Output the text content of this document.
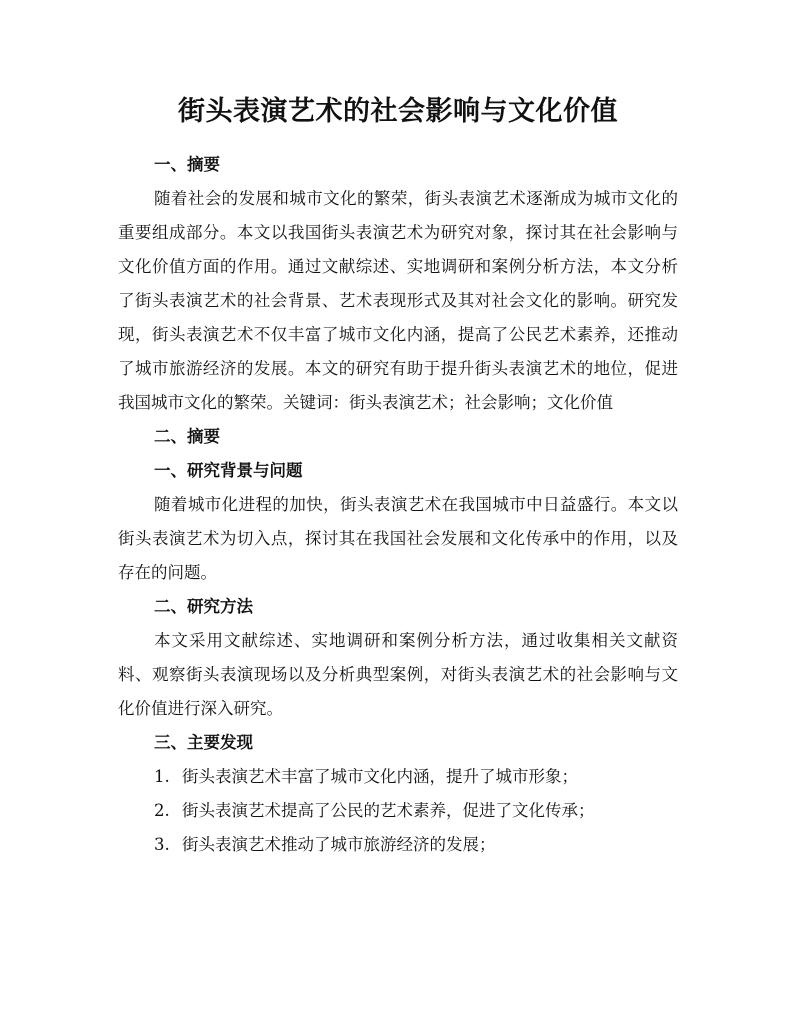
街头表演艺术的社会影响与文化价值
一、摘要

随着社会的发展和城市文化的繁荣，街头表演艺术逐渐成为城市文化的重要组成部分。本文以我国街头表演艺术为研究对象，探讨其在社会影响与文化价值方面的作用。通过文献综述、实地调研和案例分析方法，本文分析了街头表演艺术的社会背景、艺术表现形式及其对社会文化的影响。研究发现，街头表演艺术不仅丰富了城市文化内涵，提高了公民艺术素养，还推动了城市旅游经济的发展。本文的研究有助于提升街头表演艺术的地位，促进我国城市文化的繁荣。关键词：街头表演艺术；社会影响；文化价值

二、摘要
一、研究背景与问题

随着城市化进程的加快，街头表演艺术在我国城市中日益盛行。本文以街头表演艺术为切入点，探讨其在我国社会发展和文化传承中的作用，以及存在的问题。

二、研究方法

本文采用文献综述、实地调研和案例分析方法，通过收集相关文献资料、观察街头表演现场以及分析典型案例，对街头表演艺术的社会影响与文化价值进行深入研究。

三、主要发现
1. 街头表演艺术丰富了城市文化内涵，提升了城市形象；
2. 街头表演艺术提高了公民的艺术素养，促进了文化传承；
3. 街头表演艺术推动了城市旅游经济的发展；
